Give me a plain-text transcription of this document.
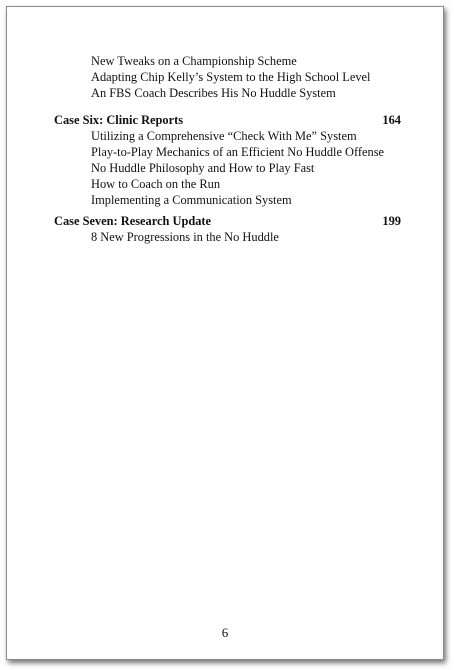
New Tweaks on a Championship Scheme
Adapting Chip Kelly’s System to the High School Level
An FBS Coach Describes His No Huddle System
Case Six: Clinic Reports	164
Utilizing a Comprehensive “Check With Me” System
Play-to-Play Mechanics of an Efficient No Huddle Offense
No Huddle Philosophy and How to Play Fast
How to Coach on the Run
Implementing a Communication System
Case Seven: Research Update	199
8 New Progressions in the No Huddle
6
